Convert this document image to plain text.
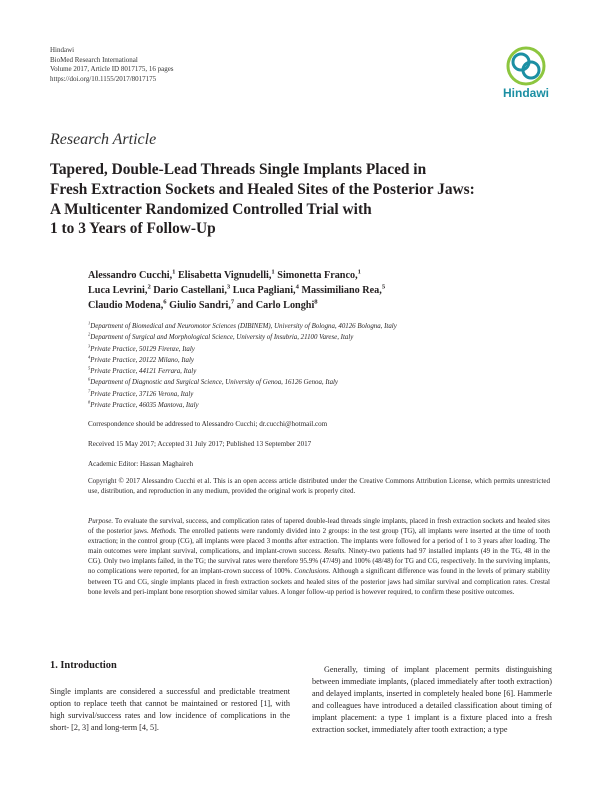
Hindawi
BioMed Research International
Volume 2017, Article ID 8017175, 16 pages
https://doi.org/10.1155/2017/8017175
Hindawi
Research Article
Tapered, Double-Lead Threads Single Implants Placed in
Fresh Extraction Sockets and Healed Sites of the Posterior Jaws:
A Multicenter Randomized Controlled Trial with
1 to 3 Years of Follow-Up
Alessandro Cucchi,$^1$ Elisabetta Vignudelli,$^1$ Simonetta Franco,$^1$
Luca Levrini,$^2$ Dario Castellani,$^3$ Luca Pagliani,$^4$ Massimiliano Rea,$^5$
Claudio Modena,$^6$ Giulio Sandri,$^7$ and Carlo Longhi$^8$
$^1$Department of Biomedical and Neuromotor Sciences (DIBINEM), University of Bologna, 40126 Bologna, Italy
$^2$Department of Surgical and Morphological Science, University of Insubria, 21100 Varese, Italy
$^3$Private Practice, 50129 Firenze, Italy
$^4$Private Practice, 20122 Milano, Italy
$^5$Private Practice, 44121 Ferrara, Italy
$^6$Department of Diagnostic and Surgical Science, University of Genoa, 16126 Genoa, Italy
$^7$Private Practice, 37126 Verona, Italy
$^8$Private Practice, 46035 Mantova, Italy
Correspondence should be addressed to Alessandro Cucchi; dr.cucchi@hotmail.com
Received 15 May 2017; Accepted 31 July 2017; Published 13 September 2017
Academic Editor: Hassan Maghaireh
Copyright © 2017 Alessandro Cucchi et al. This is an open access article distributed under the Creative Commons Attribution License, which permits unrestricted use, distribution, and reproduction in any medium, provided the original work is properly cited.
Purpose. To evaluate the survival, success, and complication rates of tapered double-lead threads single implants, placed in fresh extraction sockets and healed sites of the posterior jaws. Methods. The enrolled patients were randomly divided into 2 groups: in the test group (TG), all implants were inserted at the time of tooth extraction; in the control group (CG), all implants were placed 3 months after extraction. The implants were followed for a period of 1 to 3 years after loading. The main outcomes were implant survival, complications, and implant-crown success. Results. Ninety-two patients had 97 installed implants (49 in the TG, 48 in the CG). Only two implants failed, in the TG; the survival rates were therefore 95.9% (47/49) and 100% (48/48) for TG and CG, respectively. In the surviving implants, no complications were reported, for an implant-crown success of 100%. Conclusions. Although a significant difference was found in the levels of primary stability between TG and CG, single implants placed in fresh extraction sockets and healed sites of the posterior jaws had similar survival and complication rates. Crestal bone levels and peri-implant bone resorption showed similar values. A longer follow-up period is however required, to confirm these positive outcomes.
1. Introduction
Single implants are considered a successful and predictable treatment option to replace teeth that cannot be maintained or restored [1], with high survival/success rates and low incidence of complications in the short- [2, 3] and long-term [4, 5].
Generally, timing of implant placement permits distinguishing between immediate implants, (placed immediately after tooth extraction) and delayed implants, inserted in completely healed bone [6]. Hammerle and colleagues have introduced a detailed classification about timing of implant placement: a type 1 implant is a fixture placed into a fresh extraction socket, immediately after tooth extraction; a type
